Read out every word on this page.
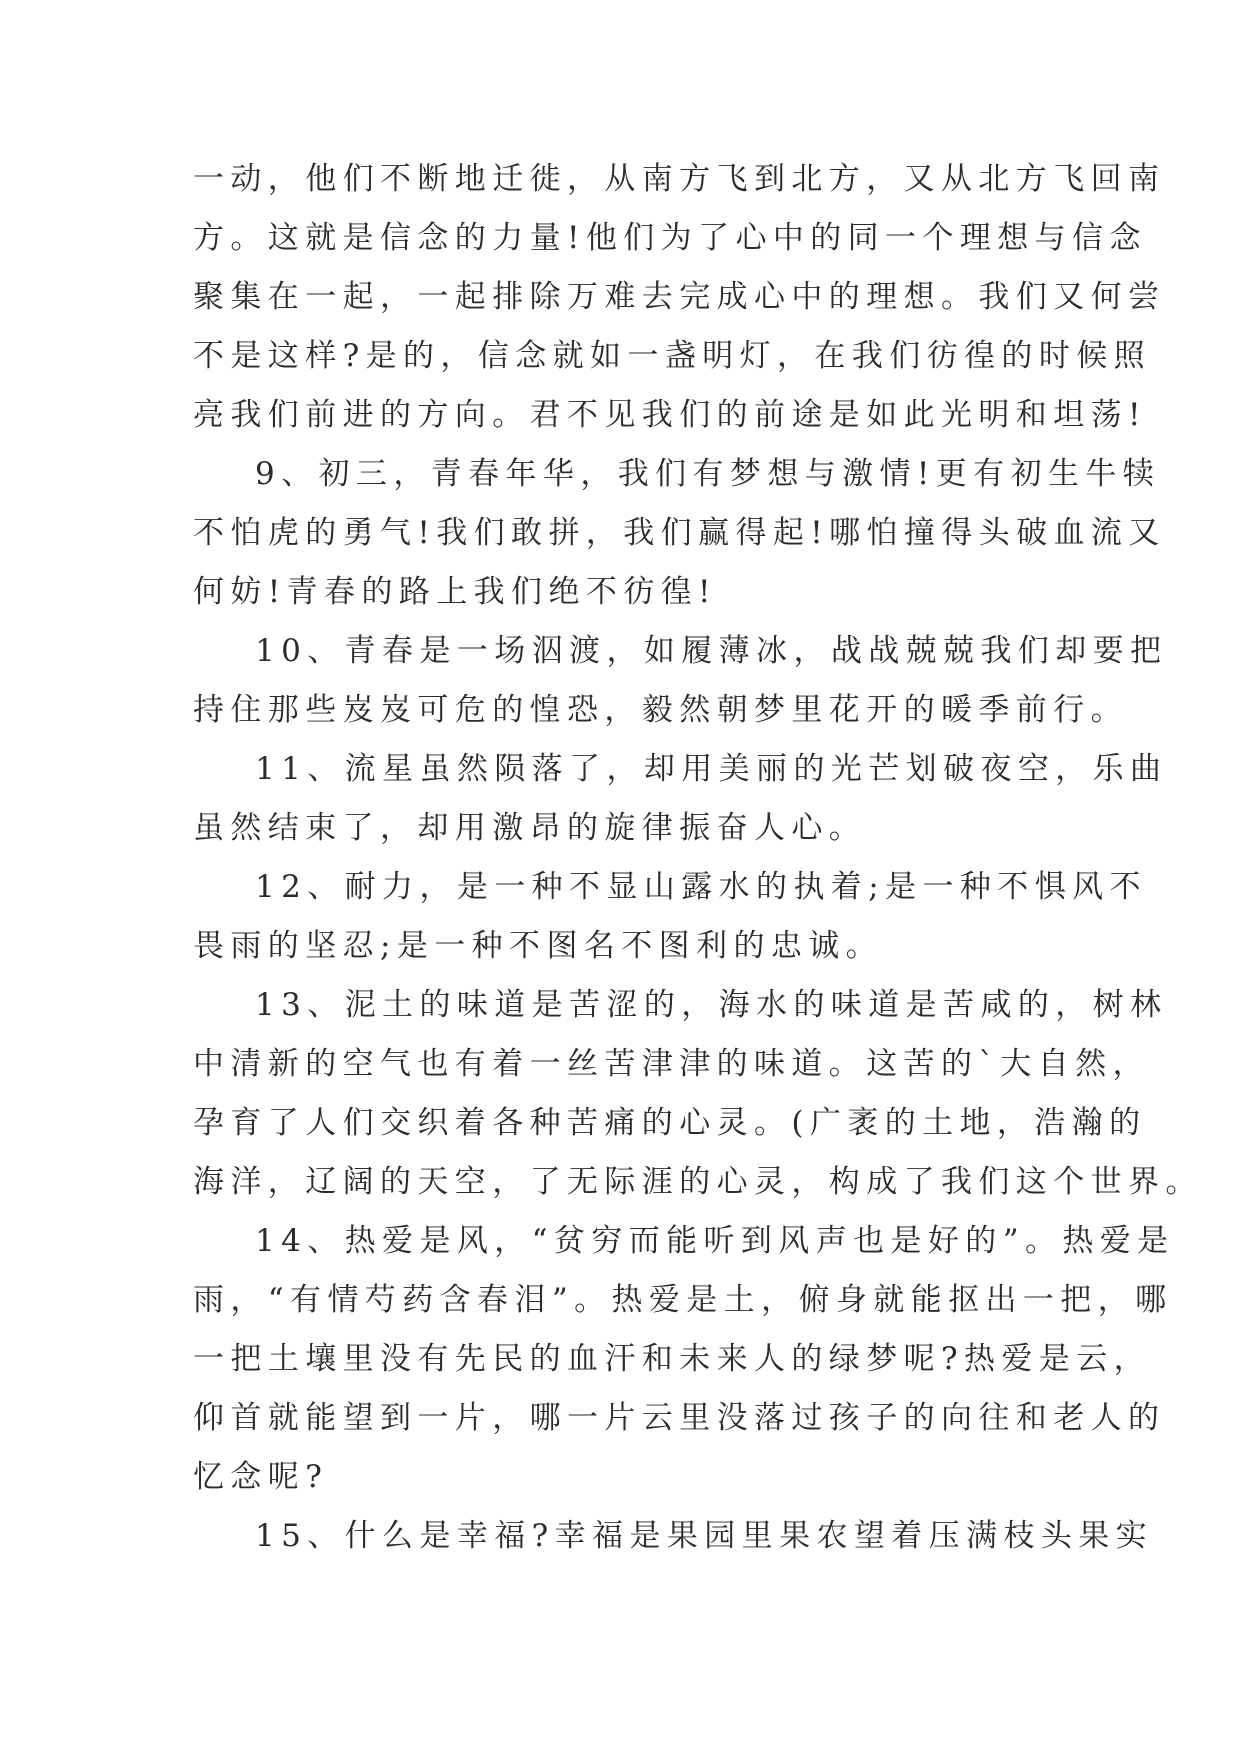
一动，他们不断地迁徙，从南方飞到北方，又从北方飞回南
方。这就是信念的力量!他们为了心中的同一个理想与信念
聚集在一起，一起排除万难去完成心中的理想。我们又何尝
不是这样?是的，信念就如一盏明灯，在我们彷徨的时候照
亮我们前进的方向。君不见我们的前途是如此光明和坦荡!
9、初三，青春年华，我们有梦想与激情!更有初生牛犊
不怕虎的勇气!我们敢拼，我们赢得起!哪怕撞得头破血流又
何妨!青春的路上我们绝不彷徨!
10、青春是一场泅渡，如履薄冰，战战兢兢我们却要把
持住那些岌岌可危的惶恐，毅然朝梦里花开的暖季前行。
11、流星虽然陨落了，却用美丽的光芒划破夜空，乐曲
虽然结束了，却用激昂的旋律振奋人心。
12、耐力，是一种不显山露水的执着;是一种不惧风不
畏雨的坚忍;是一种不图名不图利的忠诚。
13、泥土的味道是苦涩的，海水的味道是苦咸的，树林
中清新的空气也有着一丝苦津津的味道。这苦的`大自然，
孕育了人们交织着各种苦痛的心灵。(广袤的土地，浩瀚的
海洋，辽阔的天空，了无际涯的心灵，构成了我们这个世界。
14、热爱是风，“贫穷而能听到风声也是好的”。热爱是
雨，“有情芍药含春泪”。热爱是土，俯身就能抠出一把，哪
一把土壤里没有先民的血汗和未来人的绿梦呢?热爱是云，
仰首就能望到一片，哪一片云里没落过孩子的向往和老人的
忆念呢?
15、什么是幸福?幸福是果园里果农望着压满枝头果实
